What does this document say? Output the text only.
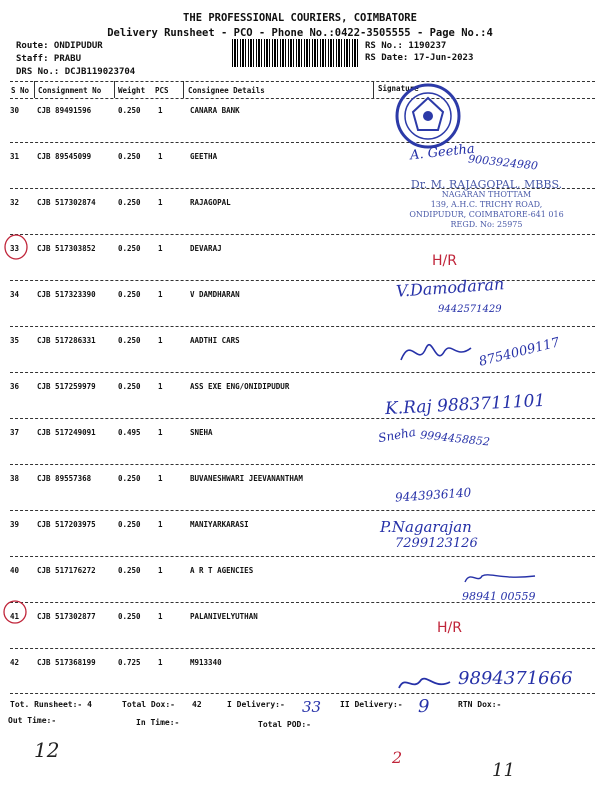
THE PROFESSIONAL COURIERS, COIMBATORE
Delivery Runsheet - PCO - Phone No.:0422-3505555 - Page No.:4
Route: ONDIPUDUR
Staff: PRABU
DRS No.: DCJB119023704
RS No.: 1190237
RS Date: 17-Jun-2023
S No Consignment No Weight PCS	Consignee Details	Signature
30 CJB 89491596	0.250 1	CANARA BANK
31 CJB 89545099	0.250 1	GEETHA
32 CJB 517302874	0.250 1	RAJAGOPAL
33 CJB 517303852	0.250 1	DEVARAJ
34 CJB 517323390	0.250 1	V DAMDHARAN
35 CJB 517286331	0.250 1	AADTHI CARS
36 CJB 517259979	0.250 1	ASS EXE ENG/ONIDIPUDUR
37 CJB 517249091	0.495 1	SNEHA
38 CJB 89557368	0.250 1	BUVANESHWARI JEEVANANTHAM
39 CJB 517203975	0.250 1	MANIYARKARASI
40 CJB 517176272	0.250 1	A R T AGENCIES
41 CJB 517302877	0.250 1	PALANIVELYUTHAN
42 CJB 517368199	0.725 1	M913340
Dr. M. RAJAGOPAL, MBBS.
NAGARAN THOTTAM
139, A.H.C. TRICHY ROAD,
ONDIPUDUR, COIMBATORE-641 016
REGD. No: 25975
A. Geetha
9003924980
H/R
V.Damodaran
9442571429
8754009117
K.Raj 9883711101
Sneha 9994458852
9443936140
P.Nagarajan
7299123126
98941 00559
H/R
9894371666
Tot. Runsheet:- 4	Total Dox:- 42	I Delivery:- 33 II Delivery:- 9	RTN Dox:-
Out Time:-	In Time:-	Total POD:-
12	2
11
